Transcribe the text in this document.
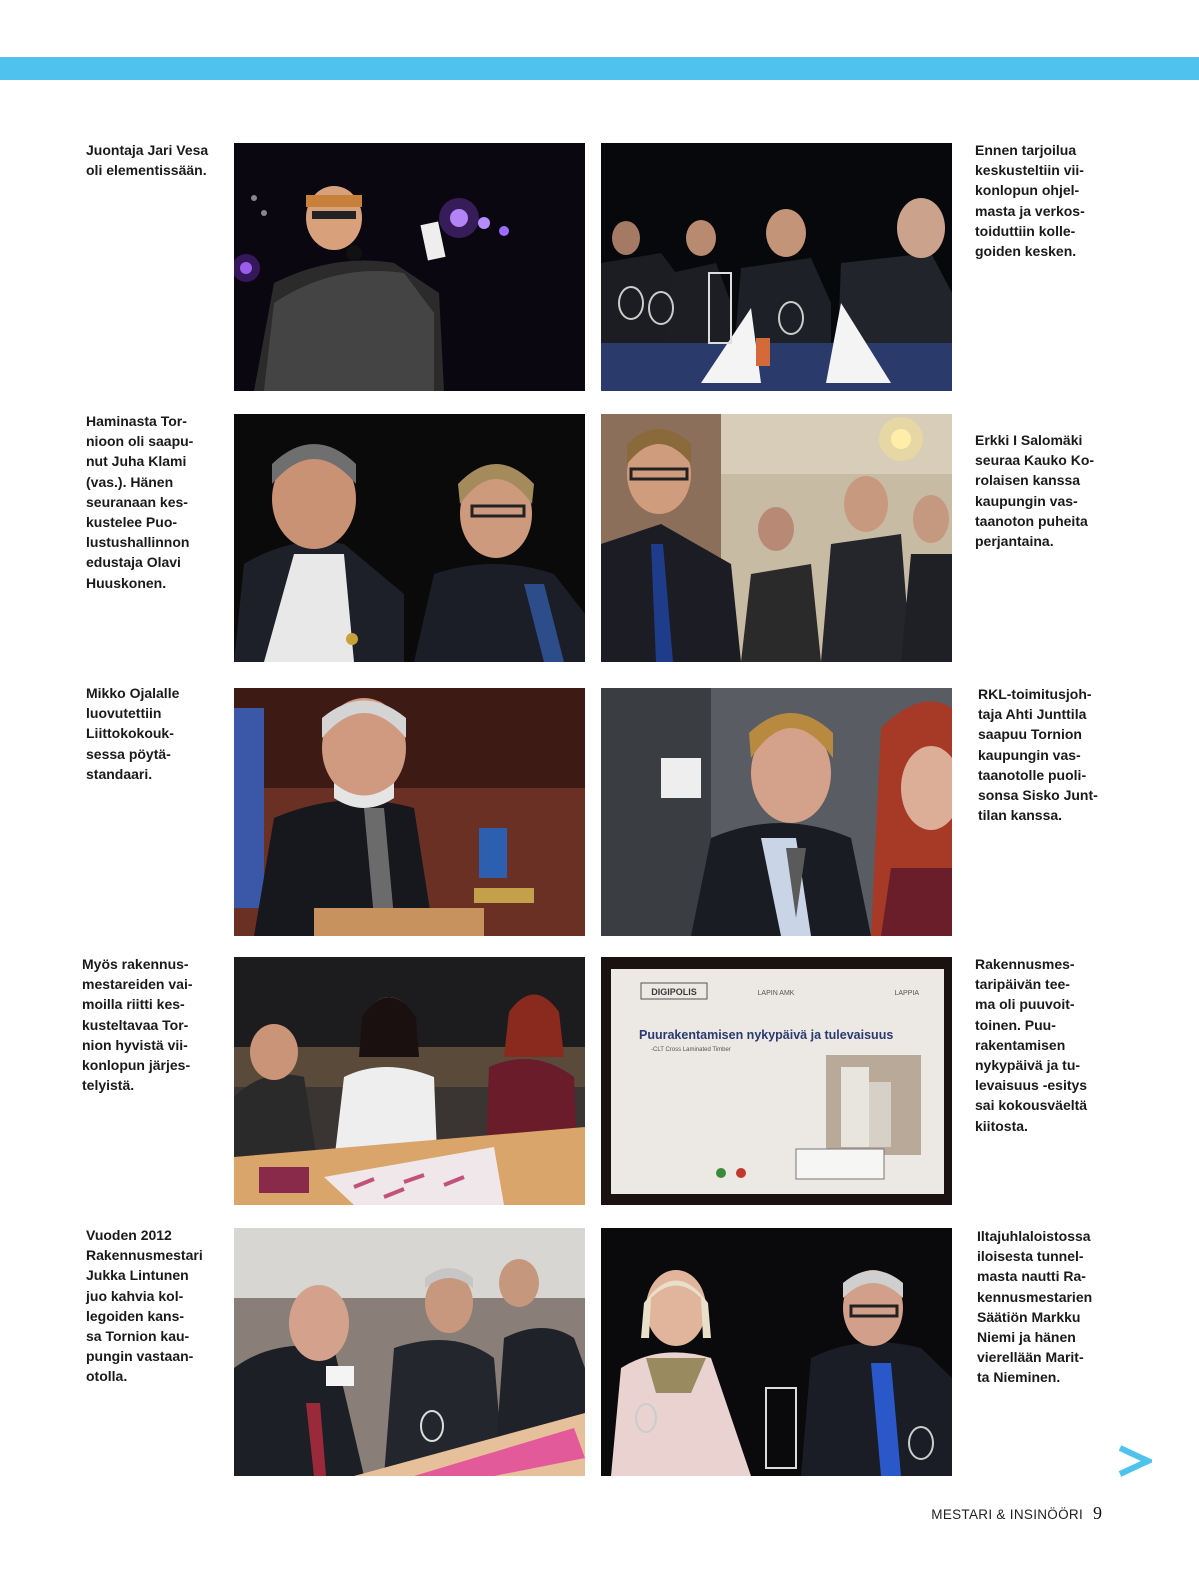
Juontaja Jari Vesa
oli elementissään.
Ennen tarjoilua
keskusteltiin vii-
konlopun ohjel-
masta ja verkos-
toiduttiin kolle-
goiden kesken.
Haminasta Tor-
nioon oli saapu-
nut Juha Klami
(vas.). Hänen
seuranaan kes-
kustelee Puo-
lustushallinnon
edustaja Olavi
Huuskonen.
Erkki I Salomäki
seuraa Kauko Ko-
rolaisen kanssa
kaupungin vas-
taanoton puheita
perjantaina.
Mikko Ojalalle
luovutettiin
Liittokokouk-
sessa pöytä-
standaari.
RKL-toimitusjoh-
taja Ahti Junttila
saapuu Tornion
kaupungin vas-
taanotolle puoli-
sonsa Sisko Junt-
tilan kanssa.
Myös rakennus-
mestareiden vai-
moilla riitti kes-
kusteltavaa Tor-
nion hyvistä vii-
konlopun järjes-
telyistä.
DIGIPOLIS	LAPIN AMK	LAPPIA
Puurakentamisen nykypäivä ja tulevaisuus
-CLT Cross Laminated Timber
Rakennusmes-
taripäivän tee-
ma oli puuvoit-
toinen. Puu-
rakentamisen
nykypäivä ja tu-
levaisuus -esitys
sai kokousväeltä
kiitosta.
Vuoden 2012
Rakennusmestari
Jukka Lintunen
juo kahvia kol-
legoiden kans-
sa Tornion kau-
pungin vastaan-
otolla.
Iltajuhlaloistossa
iloisesta tunnel-
masta nautti Ra-
kennusmestarien
Säätiön Markku
Niemi ja hänen
vierellään Marit-
ta Nieminen.
MESTARI & INSINÖÖRI 9
